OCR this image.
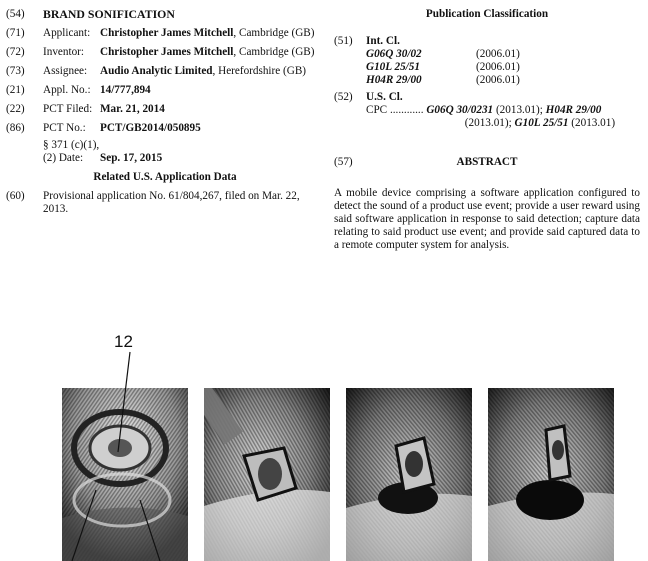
(54)	BRAND SONIFICATION
(71)	Applicant: Christopher James Mitchell, Cambridge (GB)
(72)	Inventor: Christopher James Mitchell, Cambridge (GB)
(73)	Assignee: Audio Analytic Limited, Herefordshire (GB)
(21)	Appl. No.: 14/777,894
(22)	PCT Filed: Mar. 21, 2014
(86)	PCT No.: PCT/GB2014/050895
§ 371 (c)(1),
(2) Date: Sep. 17, 2015
Related U.S. Application Data
(60)	Provisional application No. 61/804,267, filed on Mar. 22, 2013.
Publication Classification
(51)	Int. Cl.
G06Q 30/02	(2006.01)
G10L 25/51	(2006.01)
H04R 29/00	(2006.01)
(52)	U.S. Cl.
CPC ............ G06Q 30/0231 (2013.01); H04R 29/00
(2013.01); G10L 25/51 (2013.01)
(57)	ABSTRACT
A mobile device comprising a software application configured to detect the sound of a product use event; provide a user reward using said software application in response to said detection; capture data relating to said product use event; and provide said captured data to a remote computer system for analysis.
12
